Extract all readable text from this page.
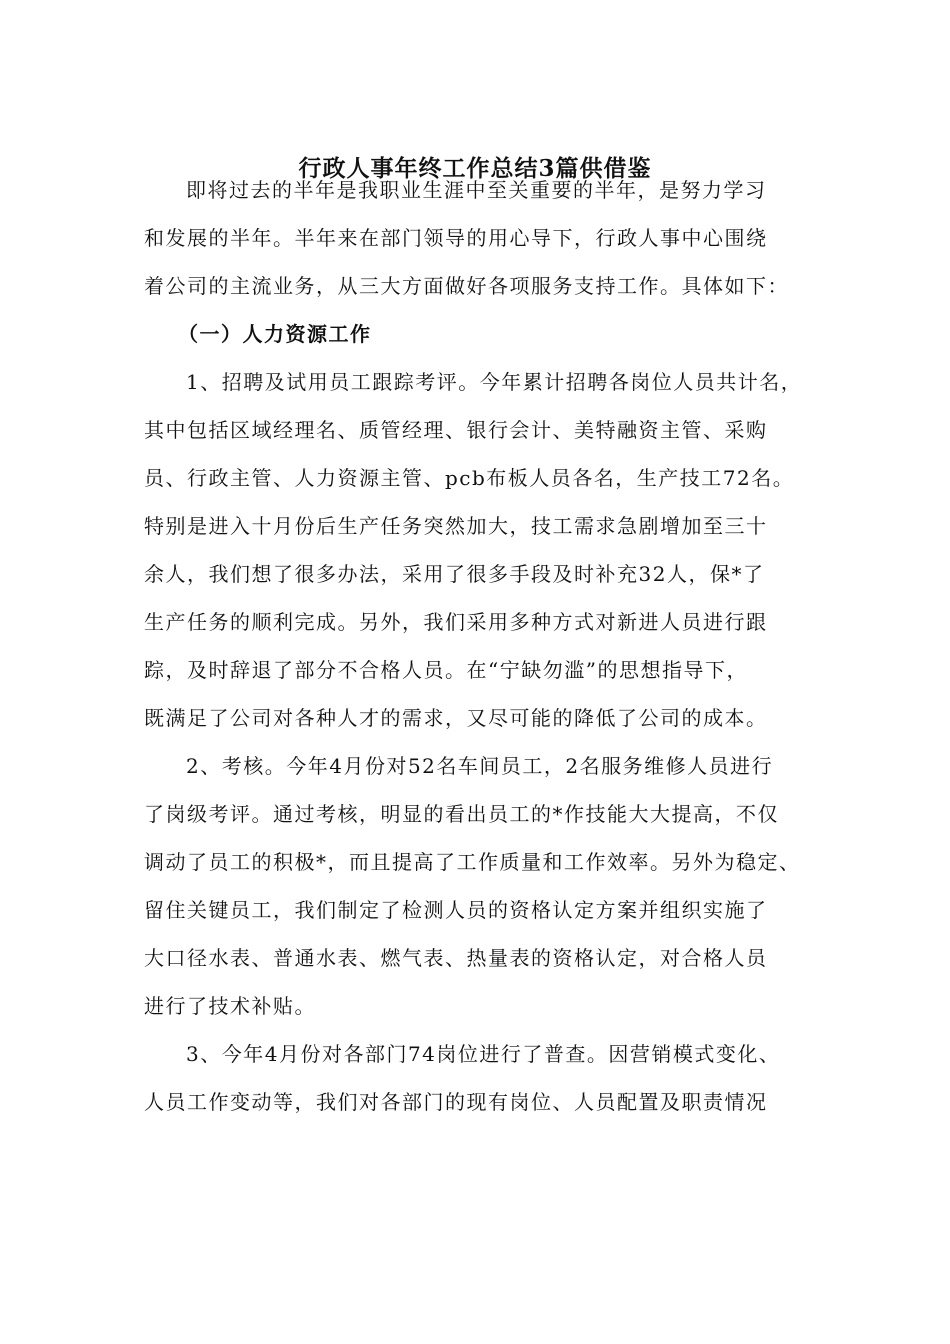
行政人事年终工作总结3篇供借鉴
即将过去的半年是我职业生涯中至关重要的半年，是努力学习
和发展的半年。半年来在部门领导的用心导下，行政人事中心围绕
着公司的主流业务，从三大方面做好各项服务支持工作。具体如下：
（一）人力资源工作
1、招聘及试用员工跟踪考评。今年累计招聘各岗位人员共计名，
其中包括区域经理名、质管经理、银行会计、美特融资主管、采购
员、行政主管、人力资源主管、pcb布板人员各名，生产技工72名。
特别是进入十月份后生产任务突然加大，技工需求急剧增加至三十
余人，我们想了很多办法，采用了很多手段及时补充32人，保*了
生产任务的顺利完成。另外，我们采用多种方式对新进人员进行跟
踪，及时辞退了部分不合格人员。在“宁缺勿滥”的思想指导下，
既满足了公司对各种人才的需求，又尽可能的降低了公司的成本。
2、考核。今年4月份对52名车间员工，2名服务维修人员进行
了岗级考评。通过考核，明显的看出员工的*作技能大大提高，不仅
调动了员工的积极*，而且提高了工作质量和工作效率。另外为稳定、
留住关键员工，我们制定了检测人员的资格认定方案并组织实施了
大口径水表、普通水表、燃气表、热量表的资格认定，对合格人员
进行了技术补贴。
3、今年4月份对各部门74岗位进行了普查。因营销模式变化、
人员工作变动等，我们对各部门的现有岗位、人员配置及职责情况
